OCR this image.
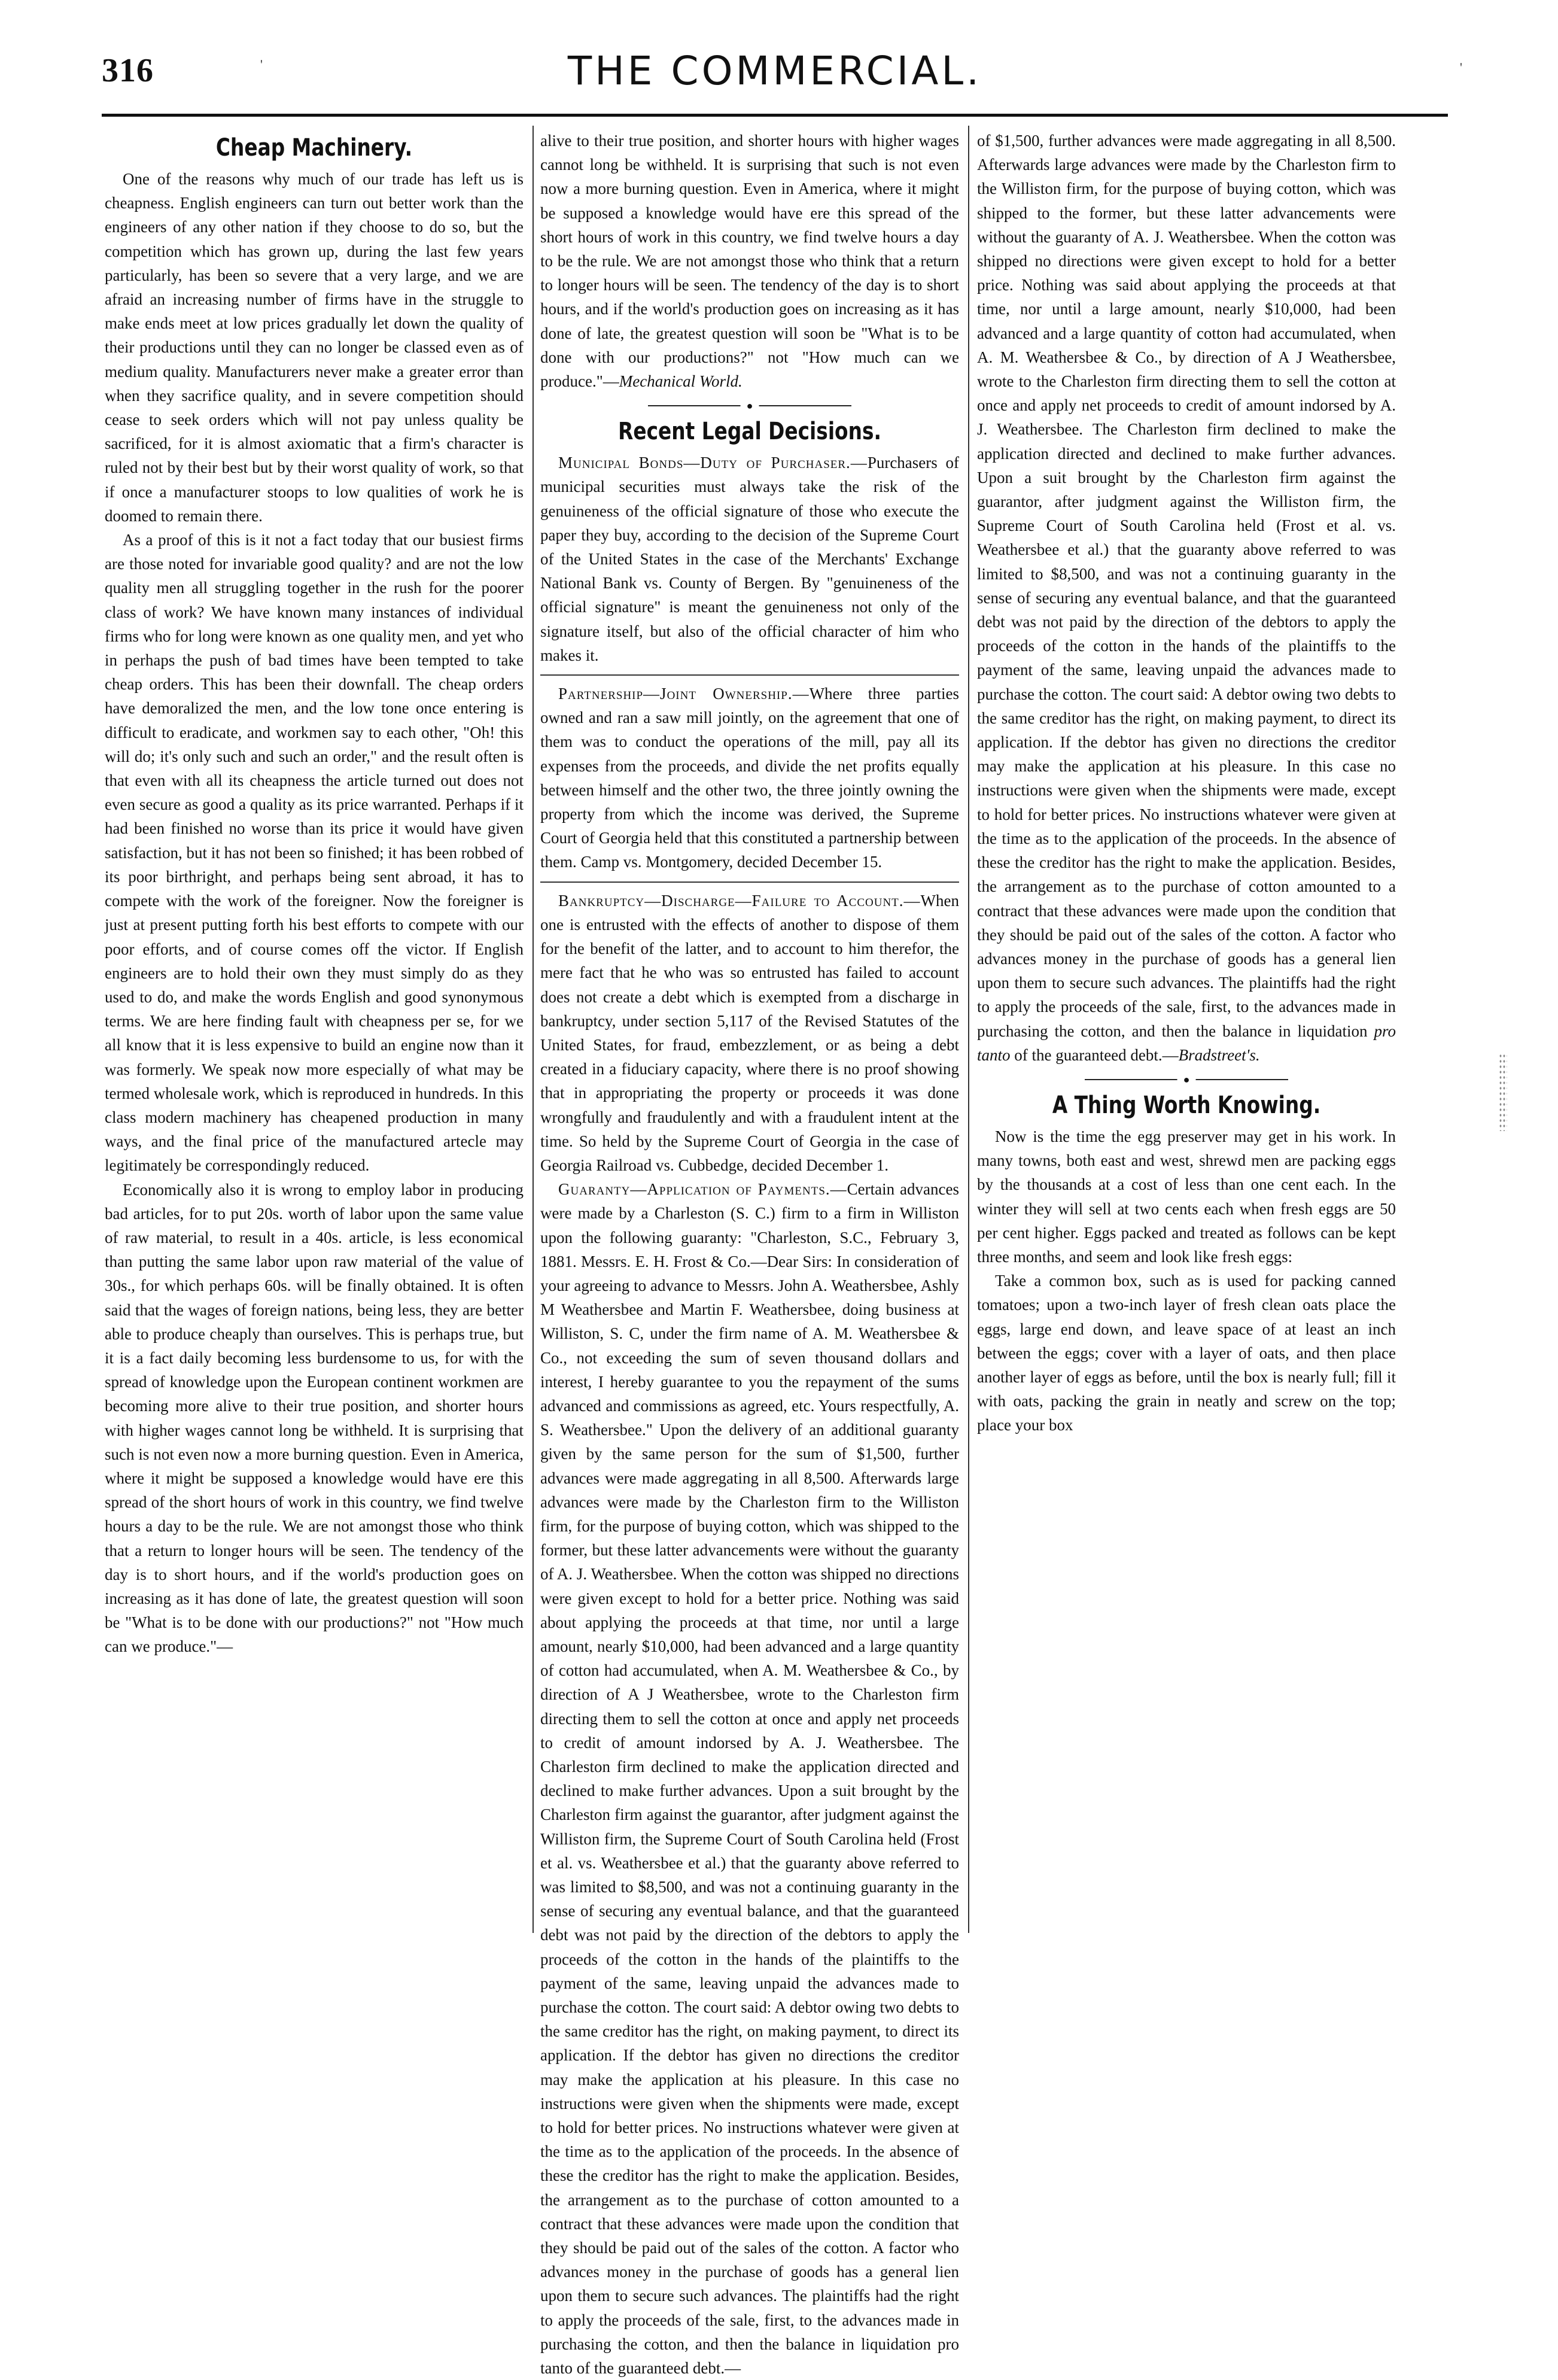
316	THE COMMERCIAL.	'
'
Cheap Machinery.

One of the reasons why much of our trade has left us is cheapness. English engineers can turn out better work than the engineers of any other nation if they choose to do so, but the competition which has grown up, during the last few years particularly, has been so severe that a very large, and we are afraid an increasing number of firms have in the struggle to make ends meet at low prices gradually let down the quality of their productions until they can no longer be classed even as of medium quality. Manufacturers never make a greater error than when they sacrifice quality, and in severe competition should cease to seek orders which will not pay unless quality be sacrificed, for it is almost axiomatic that a firm's character is ruled not by their best but by their worst quality of work, so that if once a manufacturer stoops to low qualities of work he is doomed to remain there.

As a proof of this is it not a fact today that our busiest firms are those noted for invariable good quality? and are not the low quality men all struggling together in the rush for the poorer class of work? We have known many instances of individual firms who for long were known as one quality men, and yet who in perhaps the push of bad times have been tempted to take cheap orders. This has been their downfall. The cheap orders have demoralized the men, and the low tone once entering is difficult to eradicate, and workmen say to each other, "Oh! this will do; it's only such and such an order," and the result often is that even with all its cheapness the article turned out does not even secure as good a quality as its price warranted. Perhaps if it had been finished no worse than its price it would have given satisfaction, but it has not been so finished; it has been robbed of its poor birthright, and perhaps being sent abroad, it has to compete with the work of the foreigner. Now the foreigner is just at present putting forth his best efforts to compete with our poor efforts, and of course comes off the victor. If English engineers are to hold their own they must simply do as they used to do, and make the words English and good synonymous terms. We are here finding fault with cheapness per se, for we all know that it is less expensive to build an engine now than it was formerly. We speak now more especially of what may be termed wholesale work, which is reproduced in hundreds. In this class modern machinery has cheapened production in many ways, and the final price of the manufactured artecle may legitimately be correspondingly reduced.

Economically also it is wrong to employ labor in producing bad articles, for to put 20s. worth of labor upon the same value of raw material, to result in a 40s. article, is less economical than putting the same labor upon raw material of the value of 30s., for which perhaps 60s. will be finally obtained. It is often said that the wages of foreign nations, being less, they are better able to produce cheaply than ourselves. This is perhaps true, but it is a fact daily becoming less burdensome to us, for with the spread of knowledge upon the European continent workmen are becoming more alive to their true position, and shorter hours with higher wages cannot long be withheld. It is surprising that such is not even now a more burning question. Even in America, where it might be supposed a knowledge would have ere this spread of the short hours of work in this country, we find twelve hours a day to be the rule. We are not amongst those who think that a return to longer hours will be seen. The tendency of the day is to short hours, and if the world's production goes on increasing as it has done of late, the greatest question will soon be "What is to be done with our productions?" not "How much can we produce."—

alive to their true position, and shorter hours with higher wages cannot long be withheld. It is surprising that such is not even now a more burning question. Even in America, where it might be supposed a knowledge would have ere this spread of the short hours of work in this country, we find twelve hours a day to be the rule. We are not amongst those who think that a return to longer hours will be seen. The tendency of the day is to short hours, and if the world's production goes on increasing as it has done of late, the greatest question will soon be "What is to be done with our productions?" not "How much can we produce."—Mechanical World.

●
Recent Legal Decisions.

Municipal Bonds—Duty of Purchaser.—Purchasers of municipal securities must always take the risk of the genuineness of the official signature of those who execute the paper they buy, according to the decision of the Supreme Court of the United States in the case of the Merchants' Exchange National Bank vs. County of Bergen. By "genuineness of the official signature" is meant the genuineness not only of the signature itself, but also of the official character of him who makes it.

Partnership—Joint Ownership.—Where three parties owned and ran a saw mill jointly, on the agreement that one of them was to conduct the operations of the mill, pay all its expenses from the proceeds, and divide the net profits equally between himself and the other two, the three jointly owning the property from which the income was derived, the Supreme Court of Georgia held that this constituted a partnership between them. Camp vs. Montgomery, decided December 15.

Bankruptcy—Discharge—Failure to Account.—When one is entrusted with the effects of another to dispose of them for the benefit of the latter, and to account to him therefor, the mere fact that he who was so entrusted has failed to account does not create a debt which is exempted from a discharge in bankruptcy, under section 5,117 of the Revised Statutes of the United States, for fraud, embezzlement, or as being a debt created in a fiduciary capacity, where there is no proof showing that in appropriating the property or proceeds it was done wrongfully and fraudulently and with a fraudulent intent at the time. So held by the Supreme Court of Georgia in the case of Georgia Railroad vs. Cubbedge, decided December 1.

Guaranty—Application of Payments.—Certain advances were made by a Charleston (S. C.) firm to a firm in Williston upon the following guaranty: "Charleston, S.C., February 3, 1881. Messrs. E. H. Frost & Co.—Dear Sirs: In consideration of your agreeing to advance to Messrs. John A. Weathersbee, Ashly M Weathersbee and Martin F. Weathersbee, doing business at Williston, S. C, under the firm name of A. M. Weathersbee & Co., not exceeding the sum of seven thousand dollars and interest, I hereby guarantee to you the repayment of the sums advanced and commissions as agreed, etc. Yours respectfully, A. S. Weathersbee." Upon the delivery of an additional guaranty given by the same person for the sum of $1,500, further advances were made aggregating in all 8,500. Afterwards large advances were made by the Charleston firm to the Williston firm, for the purpose of buying cotton, which was shipped to the former, but these latter advancements were without the guaranty of A. J. Weathersbee. When the cotton was shipped no directions were given except to hold for a better price. Nothing was said about applying the proceeds at that time, nor until a large amount, nearly $10,000, had been advanced and a large quantity of cotton had accumulated, when A. M. Weathersbee & Co., by direction of A J Weathersbee, wrote to the Charleston firm directing them to sell the cotton at once and apply net proceeds to credit of amount indorsed by A. J. Weathersbee. The Charleston firm declined to make the application directed and declined to make further advances. Upon a suit brought by the Charleston firm against the guarantor, after judgment against the Williston firm, the Supreme Court of South Carolina held (Frost et al. vs. Weathersbee et al.) that the guaranty above referred to was limited to $8,500, and was not a continuing guaranty in the sense of securing any eventual balance, and that the guaranteed debt was not paid by the direction of the debtors to apply the proceeds of the cotton in the hands of the plaintiffs to the payment of the same, leaving unpaid the advances made to purchase the cotton. The court said: A debtor owing two debts to the same creditor has the right, on making payment, to direct its application. If the debtor has given no directions the creditor may make the application at his pleasure. In this case no instructions were given when the shipments were made, except to hold for better prices. No instructions whatever were given at the time as to the application of the proceeds. In the absence of these the creditor has the right to make the application. Besides, the arrangement as to the purchase of cotton amounted to a contract that these advances were made upon the condition that they should be paid out of the sales of the cotton. A factor who advances money in the purchase of goods has a general lien upon them to secure such advances. The plaintiffs had the right to apply the proceeds of the sale, first, to the advances made in purchasing the cotton, and then the balance in liquidation pro tanto of the guaranteed debt.—

of $1,500, further advances were made aggregating in all 8,500. Afterwards large advances were made by the Charleston firm to the Williston firm, for the purpose of buying cotton, which was shipped to the former, but these latter advancements were without the guaranty of A. J. Weathersbee. When the cotton was shipped no directions were given except to hold for a better price. Nothing was said about applying the proceeds at that time, nor until a large amount, nearly $10,000, had been advanced and a large quantity of cotton had accumulated, when A. M. Weathersbee & Co., by direction of A J Weathersbee, wrote to the Charleston firm directing them to sell the cotton at once and apply net proceeds to credit of amount indorsed by A. J. Weathersbee. The Charleston firm declined to make the application directed and declined to make further advances. Upon a suit brought by the Charleston firm against the guarantor, after judgment against the Williston firm, the Supreme Court of South Carolina held (Frost et al. vs. Weathersbee et al.) that the guaranty above referred to was limited to $8,500, and was not a continuing guaranty in the sense of securing any eventual balance, and that the guaranteed debt was not paid by the direction of the debtors to apply the proceeds of the cotton in the hands of the plaintiffs to the payment of the same, leaving unpaid the advances made to purchase the cotton. The court said: A debtor owing two debts to the same creditor has the right, on making payment, to direct its application. If the debtor has given no directions the creditor may make the application at his pleasure. In this case no instructions were given when the shipments were made, except to hold for better prices. No instructions whatever were given at the time as to the application of the proceeds. In the absence of these the creditor has the right to make the application. Besides, the arrangement as to the purchase of cotton amounted to a contract that these advances were made upon the condition that they should be paid out of the sales of the cotton. A factor who advances money in the purchase of goods has a general lien upon them to secure such advances. The plaintiffs had the right to apply the proceeds of the sale, first, to the advances made in purchasing the cotton, and then the balance in liquidation pro tanto of the guaranteed debt.—Bradstreet's.

●
A Thing Worth Knowing.

Now is the time the egg preserver may get in his work. In many towns, both east and west, shrewd men are packing eggs by the thousands at a cost of less than one cent each. In the winter they will sell at two cents each when fresh eggs are 50 per cent higher. Eggs packed and treated as follows can be kept three months, and seem and look like fresh eggs:

Take a common box, such as is used for packing canned tomatoes; upon a two-inch layer of fresh clean oats place the eggs, large end down, and leave space of at least an inch between the eggs; cover with a layer of oats, and then place another layer of eggs as before, until the box is nearly full; fill it with oats, packing the grain in neatly and screw on the top; place your box
